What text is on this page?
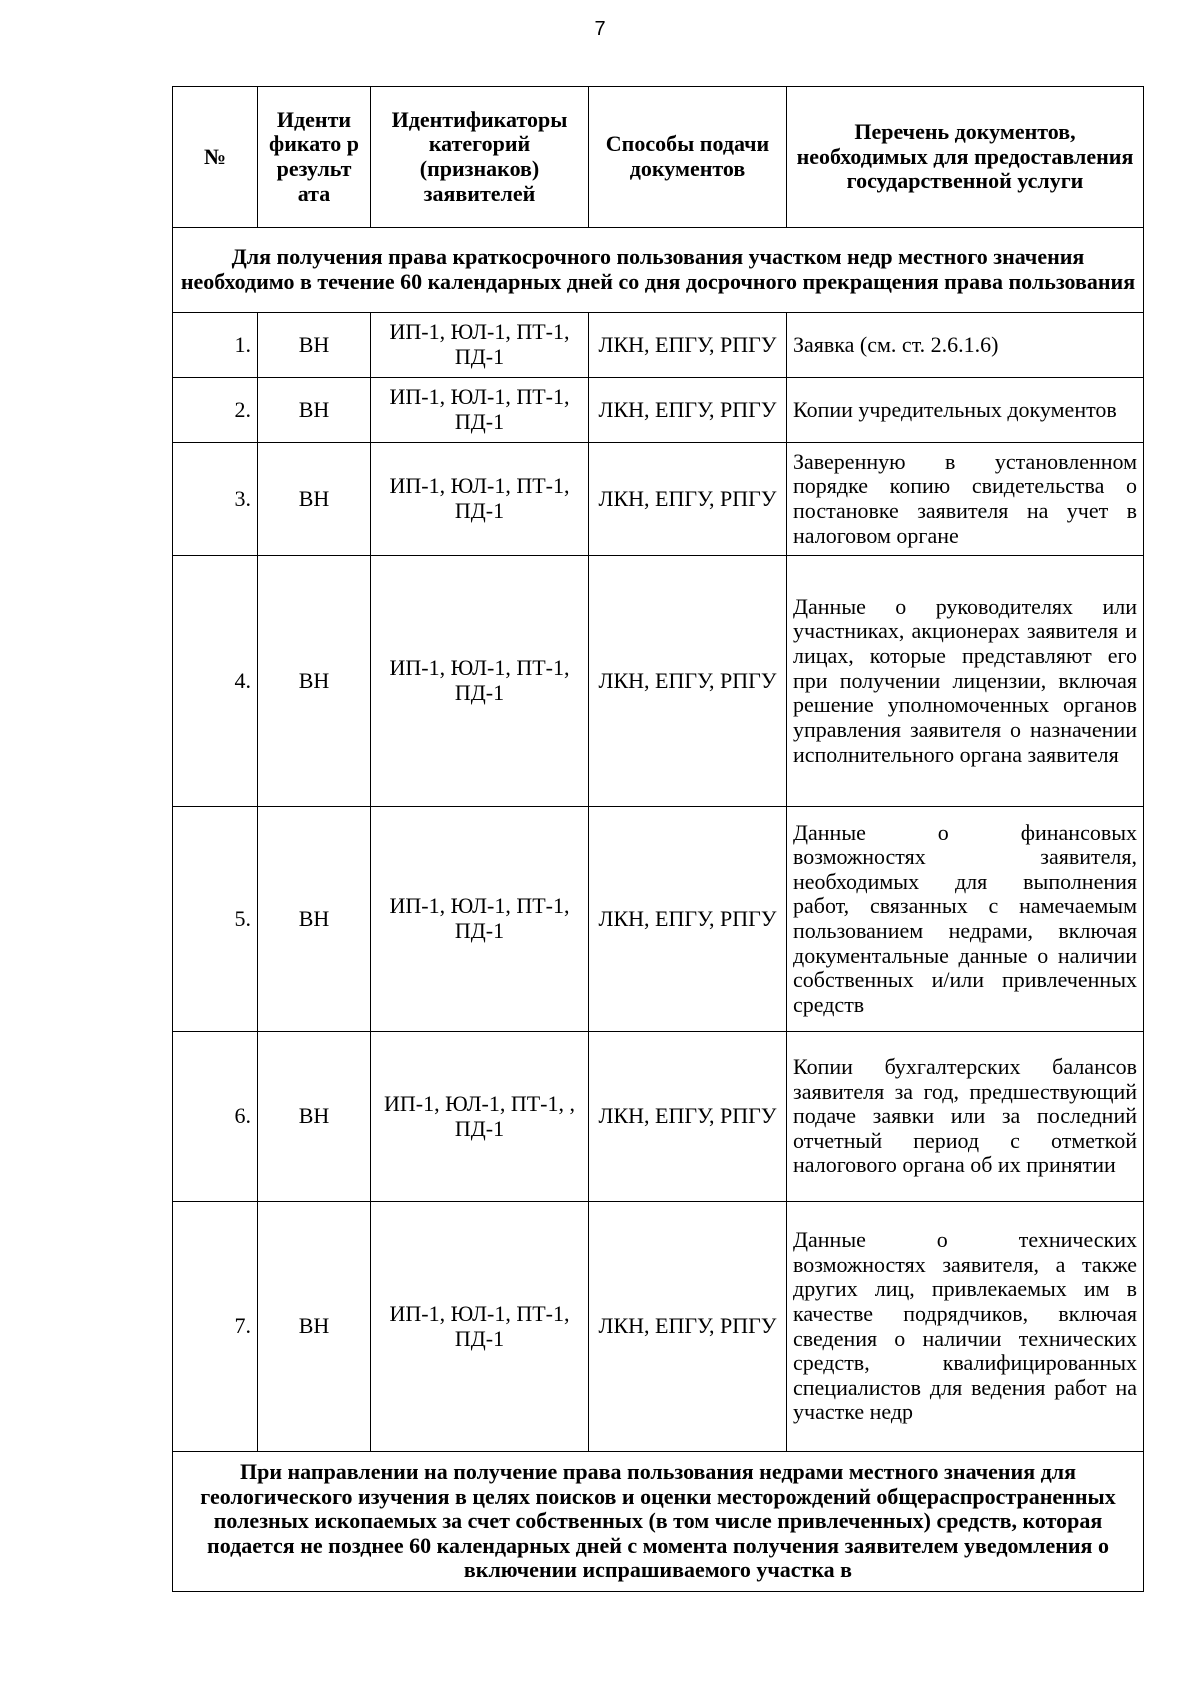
7
№	Иденти фикато р результ ата	Идентификаторы категорий (признаков) заявителей	Способы подачи документов	Перечень документов, необходимых для предоставления государственной услуги
Для получения права краткосрочного пользования участком недр местного значения необходимо в течение 60 календарных дней со дня досрочного прекращения права пользования				
1.	ВН	ИП-1, ЮЛ-1, ПТ-1, ПД-1	ЛКН, ЕПГУ, РПГУ	Заявка (см. ст. 2.6.1.6)
2.	ВН	ИП-1, ЮЛ-1, ПТ-1, ПД-1	ЛКН, ЕПГУ, РПГУ	Копии учредительных документов
3.	ВН	ИП-1, ЮЛ-1, ПТ-1, ПД-1	ЛКН, ЕПГУ, РПГУ	Заверенную в установленном порядке копию свидетельства о постановке заявителя на учет в налоговом органе
4.	ВН	ИП-1, ЮЛ-1, ПТ-1, ПД-1	ЛКН, ЕПГУ, РПГУ	Данные о руководителях или участниках, акционерах заявителя и лицах, которые представляют его при получении лицензии, включая решение уполномоченных органов управления заявителя о назначении исполнительного органа заявителя
5.	ВН	ИП-1, ЮЛ-1, ПТ-1, ПД-1	ЛКН, ЕПГУ, РПГУ	Данные о финансовых возможностях заявителя, необходимых для выполнения работ, связанных с намечаемым пользованием недрами, включая документальные данные о наличии собственных и/или привлеченных средств
6.	ВН	ИП-1, ЮЛ-1, ПТ-1, , ПД-1	ЛКН, ЕПГУ, РПГУ	Копии бухгалтерских балансов заявителя за год, предшествующий подаче заявки или за последний отчетный период с отметкой налогового органа об их принятии
7.	ВН	ИП-1, ЮЛ-1, ПТ-1, ПД-1	ЛКН, ЕПГУ, РПГУ	Данные о технических возможностях заявителя, а также других лиц, привлекаемых им в качестве подрядчиков, включая сведения о наличии технических средств, квалифицированных специалистов для ведения работ на участке недр
При направлении на получение права пользования недрами местного значения для геологического изучения в целях поисков и оценки месторождений общераспространенных полезных ископаемых за счет собственных (в том числе привлеченных) средств, которая подается не позднее 60 календарных дней с момента получения заявителем уведомления о включении испрашиваемого участка в				
